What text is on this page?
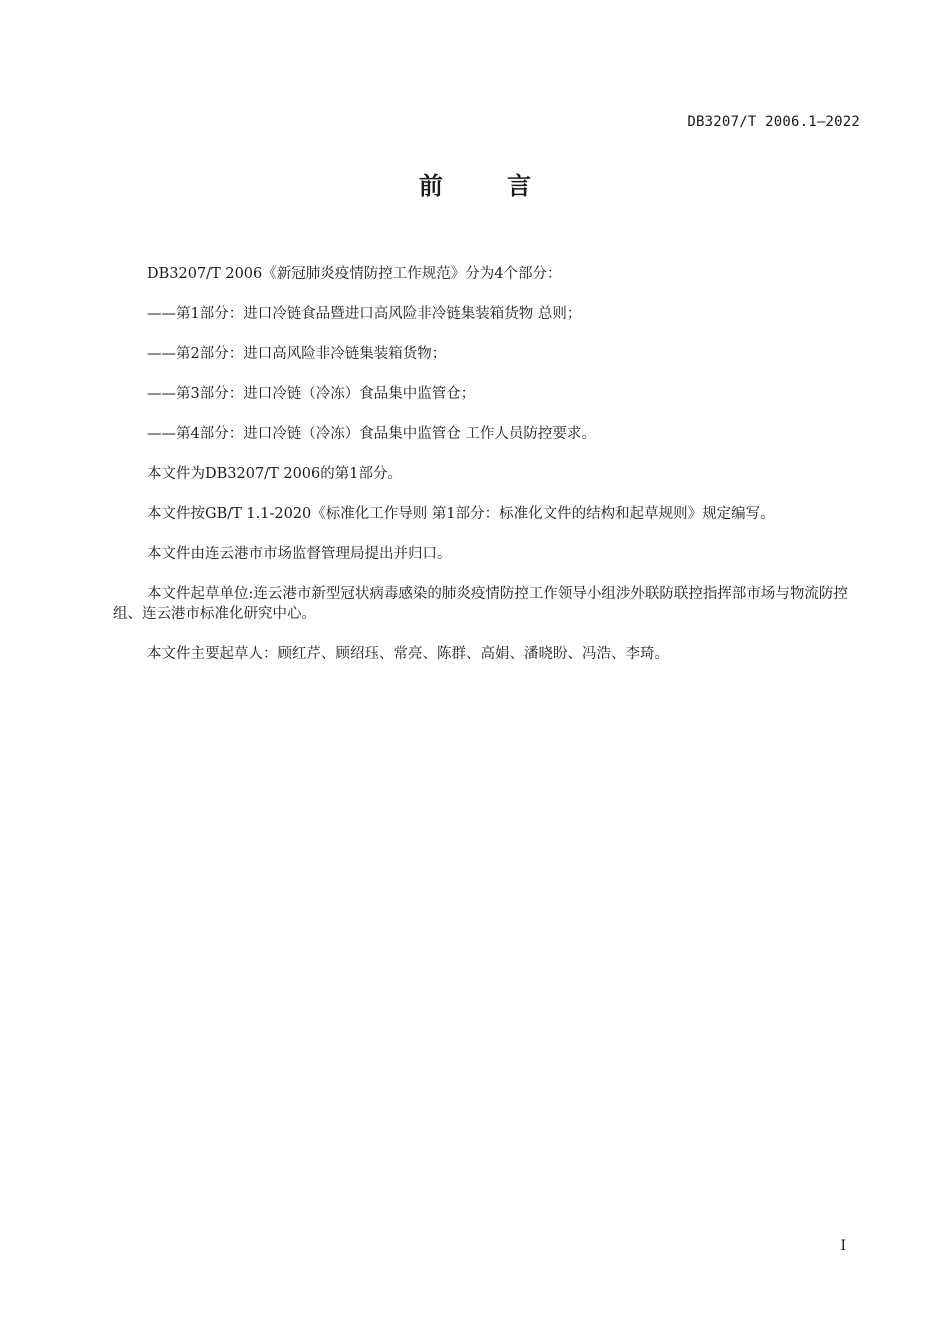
DB3207/T 2006.1—2022
前 言

DB3207/T 2006《新冠肺炎疫情防控工作规范》分为4个部分：

——第1部分：进口冷链食品暨进口高风险非冷链集装箱货物 总则；

——第2部分：进口高风险非冷链集装箱货物；

——第3部分：进口冷链（冷冻）食品集中监管仓；

——第4部分：进口冷链（冷冻）食品集中监管仓 工作人员防控要求。

本文件为DB3207/T 2006的第1部分。

本文件按GB/T 1.1-2020《标准化工作导则 第1部分：标准化文件的结构和起草规则》规定编写。

本文件由连云港市市场监督管理局提出并归口。

本文件起草单位:连云港市新型冠状病毒感染的肺炎疫情防控工作领导小组涉外联防联控指挥部市场与物流防控组、连云港市标准化研究中心。

本文件主要起草人：顾红芹、顾绍珏、常亮、陈群、高娟、潘晓盼、冯浩、李琦。

I
